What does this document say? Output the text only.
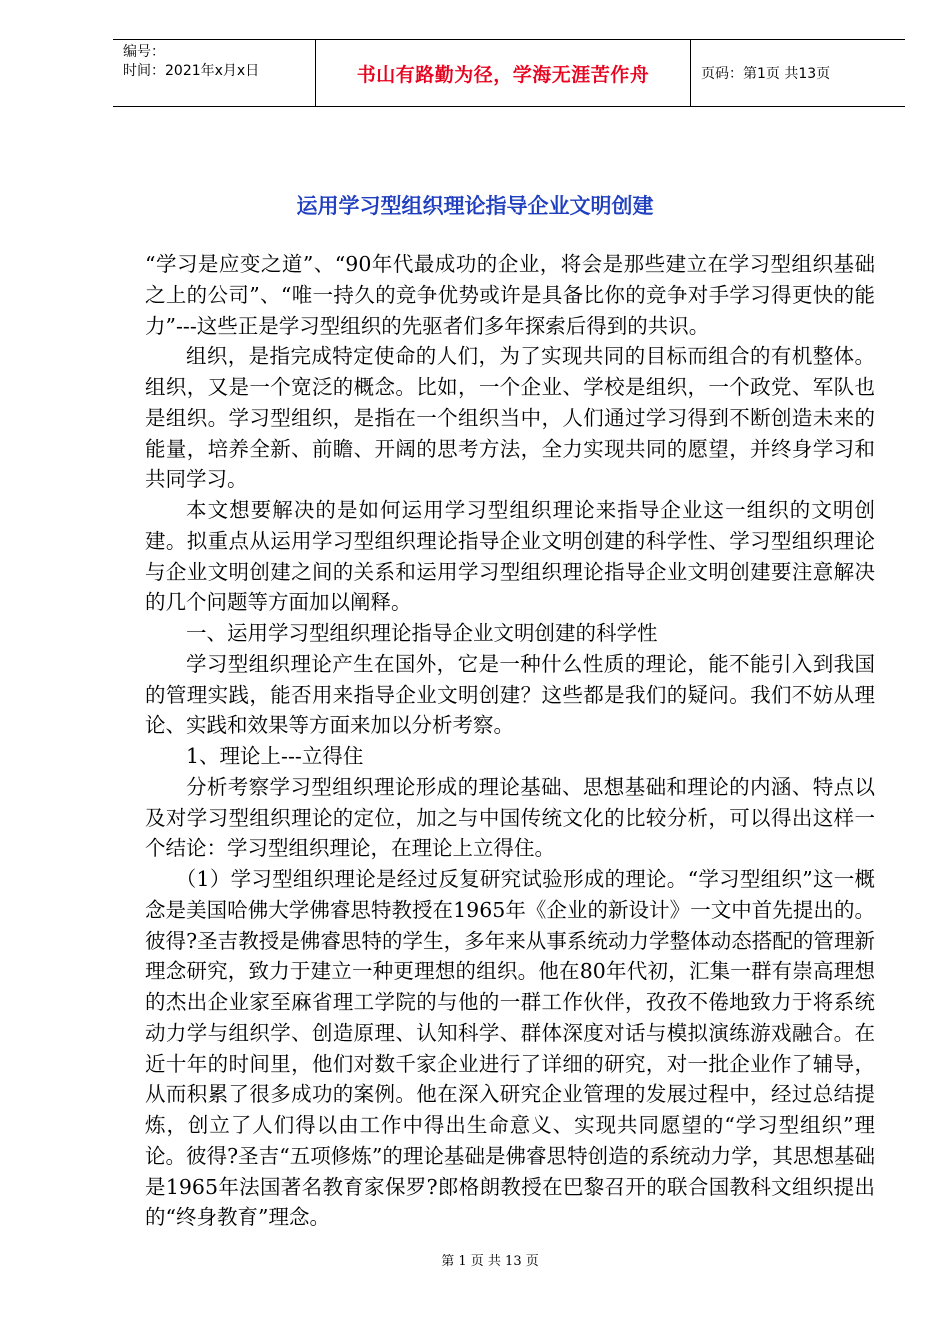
编号：
时间：2021年x月x日	书山有路勤为径，学海无涯苦作舟	页码：第1页 共13页
运用学习型组织理论指导企业文明创建

“学习是应变之道”、“90年代最成功的企业，将会是那些建立在学习型组织基础之上的公司”、“唯一持久的竞争优势或许是具备比你的竞争对手学习得更快的能力”---这些正是学习型组织的先驱者们多年探索后得到的共识。

组织，是指完成特定使命的人们，为了实现共同的目标而组合的有机整体。组织，又是一个宽泛的概念。比如，一个企业、学校是组织，一个政党、军队也是组织。学习型组织，是指在一个组织当中，人们通过学习得到不断创造未来的能量，培养全新、前瞻、开阔的思考方法，全力实现共同的愿望，并终身学习和共同学习。

本文想要解决的是如何运用学习型组织理论来指导企业这一组织的文明创建。拟重点从运用学习型组织理论指导企业文明创建的科学性、学习型组织理论与企业文明创建之间的关系和运用学习型组织理论指导企业文明创建要注意解决的几个问题等方面加以阐释。

一、运用学习型组织理论指导企业文明创建的科学性

学习型组织理论产生在国外，它是一种什么性质的理论，能不能引入到我国的管理实践，能否用来指导企业文明创建？这些都是我们的疑问。我们不妨从理论、实践和效果等方面来加以分析考察。

1、理论上---立得住

分析考察学习型组织理论形成的理论基础、思想基础和理论的内涵、特点以及对学习型组织理论的定位，加之与中国传统文化的比较分析，可以得出这样一个结论：学习型组织理论，在理论上立得住。

（1）学习型组织理论是经过反复研究试验形成的理论。“学习型组织”这一概念是美国哈佛大学佛睿思特教授在1965年《企业的新设计》一文中首先提出的。彼得?圣吉教授是佛睿思特的学生，多年来从事系统动力学整体动态搭配的管理新理念研究，致力于建立一种更理想的组织。他在80年代初，汇集一群有崇高理想的杰出企业家至麻省理工学院的与他的一群工作伙伴，孜孜不倦地致力于将系统动力学与组织学、创造原理、认知科学、群体深度对话与模拟演练游戏融合。在近十年的时间里，他们对数千家企业进行了详细的研究，对一批企业作了辅导，从而积累了很多成功的案例。他在深入研究企业管理的发展过程中，经过总结提炼，创立了人们得以由工作中得出生命意义、实现共同愿望的“学习型组织”理论。彼得?圣吉“五项修炼”的理论基础是佛睿思特创造的系统动力学，其思想基础是1965年法国著名教育家保罗?郎格朗教授在巴黎召开的联合国教科文组织提出的“终身教育”理念。

第 1 页 共 13 页
